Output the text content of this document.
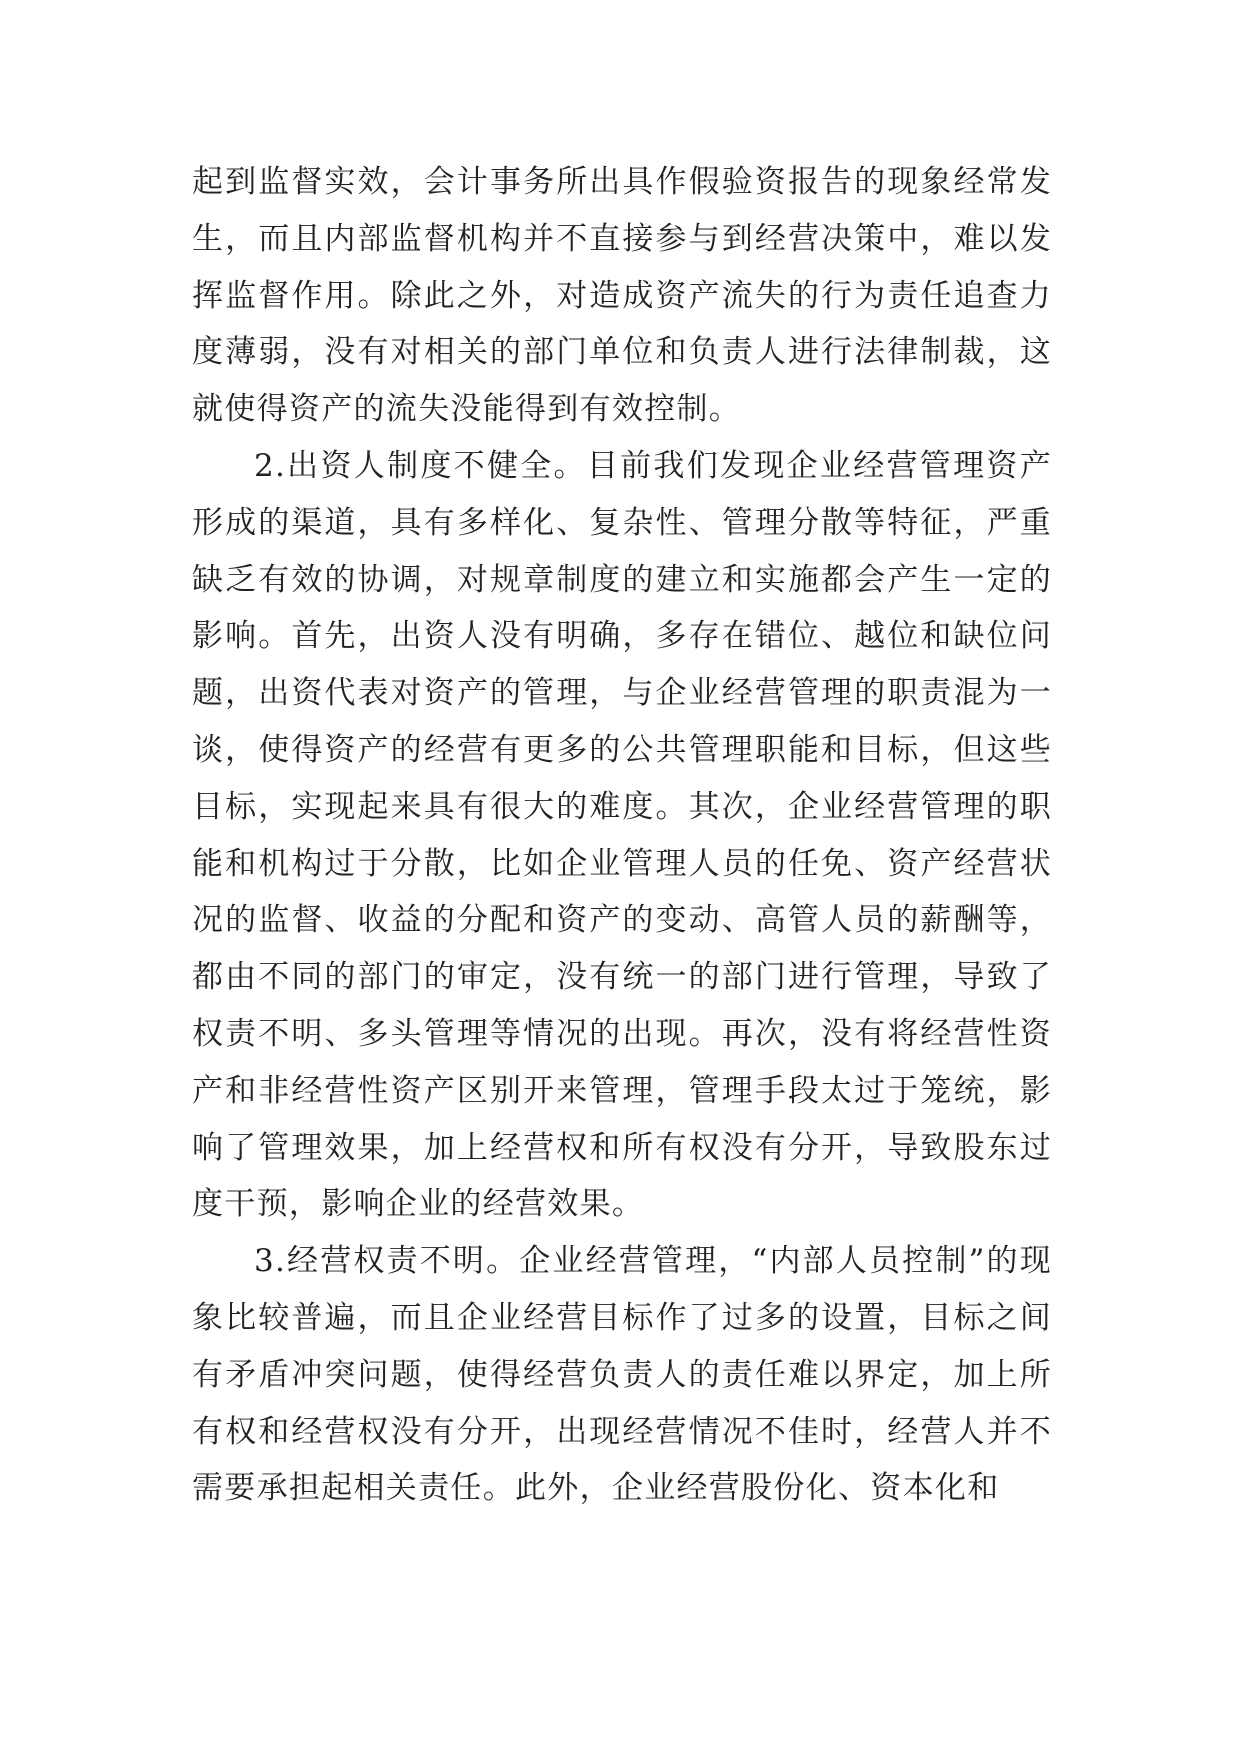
起到监督实效，会计事务所出具作假验资报告的现象经常发生，而且内部监督机构并不直接参与到经营决策中，难以发挥监督作用。除此之外，对造成资产流失的行为责任追查力度薄弱，没有对相关的部门单位和负责人进行法律制裁，这就使得资产的流失没能得到有效控制。

2.出资人制度不健全。目前我们发现企业经营管理资产形成的渠道，具有多样化、复杂性、管理分散等特征，严重缺乏有效的协调，对规章制度的建立和实施都会产生一定的影响。首先，出资人没有明确，多存在错位、越位和缺位问题，出资代表对资产的管理，与企业经营管理的职责混为一谈，使得资产的经营有更多的公共管理职能和目标，但这些目标，实现起来具有很大的难度。其次，企业经营管理的职能和机构过于分散，比如企业管理人员的任免、资产经营状况的监督、收益的分配和资产的变动、高管人员的薪酬等，都由不同的部门的审定，没有统一的部门进行管理，导致了权责不明、多头管理等情况的出现。再次，没有将经营性资产和非经营性资产区别开来管理，管理手段太过于笼统，影响了管理效果，加上经营权和所有权没有分开，导致股东过度干预，影响企业的经营效果。

3.经营权责不明。企业经营管理，“内部人员控制”的现象比较普遍，而且企业经营目标作了过多的设置，目标之间有矛盾冲突问题，使得经营负责人的责任难以界定，加上所有权和经营权没有分开，出现经营情况不佳时，经营人并不需要承担起相关责任。此外，企业经营股份化、资本化和
